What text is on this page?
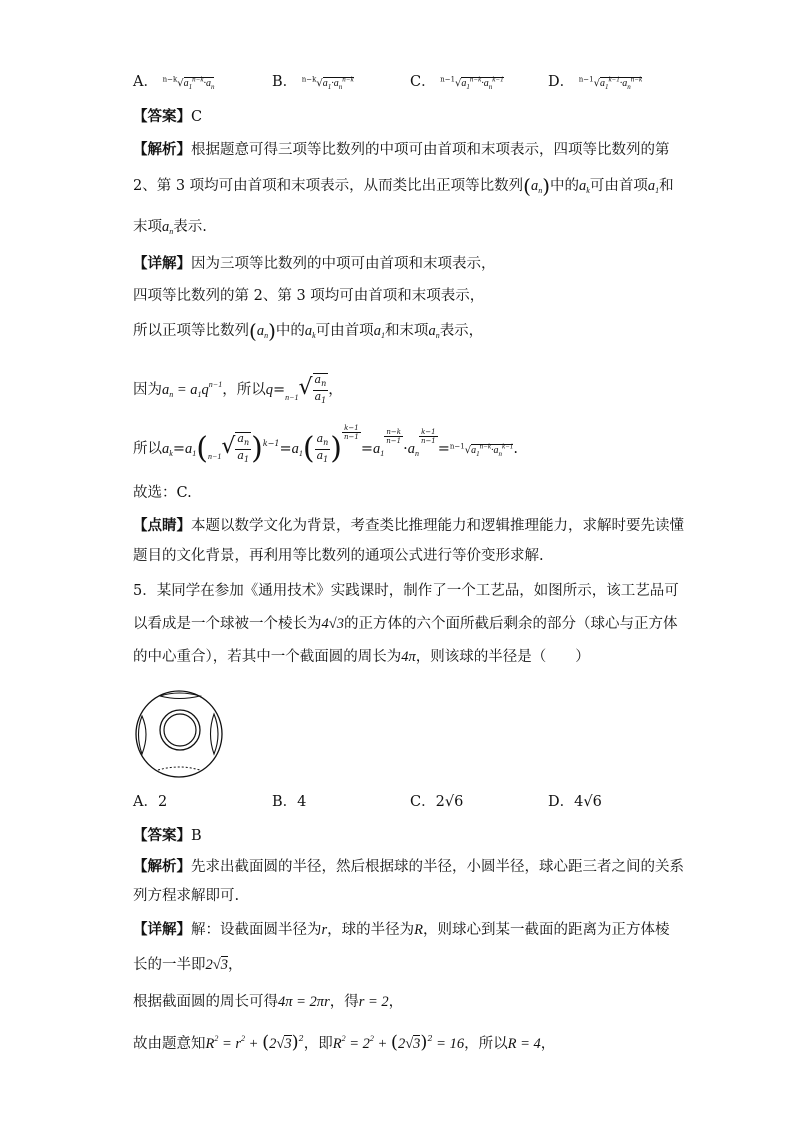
A． $^{n-k}√a_1^{n-k}\cdot a_n$	B． $^{n-k}√a_1\cdot a_n^{n-k}$	C． $^{n-1}√a_1^{n-k}\cdot a_n^{k-1}$	D． $^{n-1}√a_1^{k-1}\cdot a_n^{n-k}$
【答案】C
【解析】根据题意可得三项等比数列的中项可由首项和末项表示，四项等比数列的第
2、第 3 项均可由首项和末项表示，从而类比出正项等比数列$(a_n)$中的$a_k$可由首项$a_1$和
末项$a_n$表示.
【详解】因为三项等比数列的中项可由首项和末项表示，
四项等比数列的第 2、第 3 项均可由首项和末项表示，
所以正项等比数列$(a_n)$中的$a_k$可由首项$a_1$和末项$a_n$表示，
因为$a_n = a_1q^{n-1}$，所以$q=_{n-1}√ \frac{a_n}{a_1}$ ，
所以$a_k=a_1(_{n-1}√ \frac{a_n}{a_1} )^{k-1}=a_1( \frac{a_n}{a_1}$ ) $\frac{k-1}{n-1}$
$=a_1$
$\frac{n-k}{n-1}$
$\cdot a_n$
$\frac{k-1}{n-1}$
$=^{n-1}√a_1^{n-k}\cdot a_n^{k-1}$.
故选：C.
【点睛】本题以数学文化为背景，考查类比推理能力和逻辑推理能力，求解时要先读懂
题目的文化背景，再利用等比数列的通项公式进行等价变形求解.
5．某同学在参加《通用技术》实践课时，制作了一个工艺品，如图所示，该工艺品可
以看成是一个球被一个棱长为4√3的正方体的六个面所截后剩余的部分（球心与正方体
的中心重合），若其中一个截面圆的周长为4π，则该球的半径是（　　）
A．2	B．4	C．2√6	D．4√6
【答案】B
【解析】先求出截面圆的半径，然后根据球的半径，小圆半径，球心距三者之间的关系
列方程求解即可.
【详解】解：设截面圆半径为r，球的半径为R，则球心到某一截面的距离为正方体棱
长的一半即2√3，
根据截面圆的周长可得4π = 2πr，得r = 2，
故由题意知$R^2 = r^2 + (2√3)^2$，即$R^2 = 2^2 + (2√3)^2 = 16$，所以R = 4，
